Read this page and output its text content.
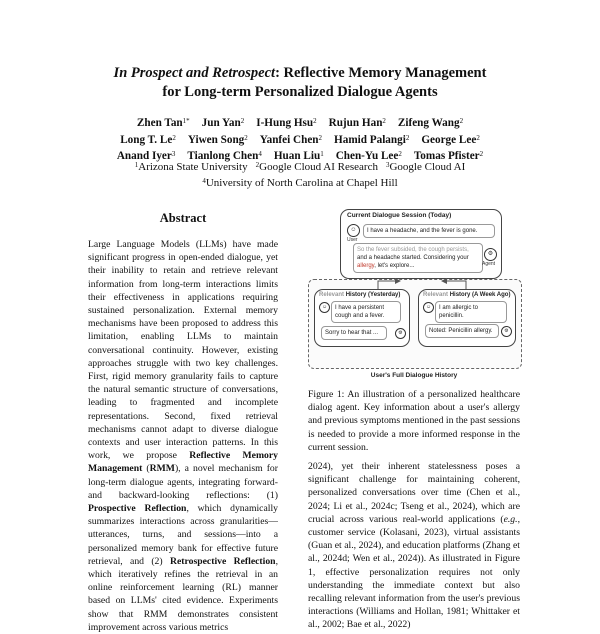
In Prospect and Retrospect: Reflective Memory Management
for Long-term Personalized Dialogue Agents
Zhen Tan$^{1*}$ Jun Yan$^2$ I-Hung Hsu$^2$ Rujun Han$^2$ Zifeng Wang$^2$
Long T. Le$^2$ Yiwen Song$^2$ Yanfei Chen$^2$ Hamid Palangi$^2$ George Lee$^2$
Anand Iyer$^3$ Tianlong Chen$^4$ Huan Liu$^1$ Chen-Yu Lee$^2$ Tomas Pfister$^2$
$^1$Arizona State University $^2$Google Cloud AI Research $^3$Google Cloud AI
$^4$University of North Carolina at Chapel Hill
Abstract
Large Language Models (LLMs) have made significant progress in open-ended dialogue, yet their inability to retain and retrieve relevant information from long-term interactions limits their effectiveness in applications requiring sustained personalization. External memory mechanisms have been proposed to address this limitation, enabling LLMs to maintain conversational continuity. However, existing approaches struggle with two key challenges. First, rigid memory granularity fails to capture the natural semantic structure of conversations, leading to fragmented and incomplete representations. Second, fixed retrieval mechanisms cannot adapt to diverse dialogue contexts and user interaction patterns. In this work, we propose Reflective Memory Management (RMM), a novel mechanism for long-term dialogue agents, integrating forward- and backward-looking reflections: (1) Prospective Reflection, which dynamically summarizes interactions across granularities—utterances, turns, and sessions—into a personalized memory bank for effective future retrieval, and (2) Retrospective Reflection, which iteratively refines the retrieval in an online reinforcement learning (RL) manner based on LLMs' cited evidence. Experiments show that RMM demonstrates consistent improvement across various metrics
Current Dialogue Session (Today)
☺
User
I have a headache, and the fever is gone.
So the fever subsided, the cough persists, and a headache started. Considering your allergy, let's explore...
⚙
Agent
Relevant History (Yesterday)
☺	I have a persistent cough and a fever.
Sorry to hear that ...	⚙
Relevant History (A Week Ago)
☺	I am allergic to penicillin.
Noted: Penicillin allergy.	⚙
User's Full Dialogue History
Figure 1: An illustration of a personalized healthcare dialog agent. Key information about a user's allergy and previous symptoms mentioned in the past sessions is needed to provide a more informed response in the current session.
2024), yet their inherent statelessness poses a significant challenge for maintaining coherent, personalized conversations over time (Chen et al., 2024; Li et al., 2024c; Tseng et al., 2024), which are crucial across various real-world applications (e.g., customer service (Kolasani, 2023), virtual assistants (Guan et al., 2024), and education platforms (Zhang et al., 2024d; Wen et al., 2024)). As illustrated in Figure 1, effective personalization requires not only understanding the immediate context but also recalling relevant information from the user's previous interactions (Williams and Hollan, 1981; Whittaker et al., 2002; Bae et al., 2022)
